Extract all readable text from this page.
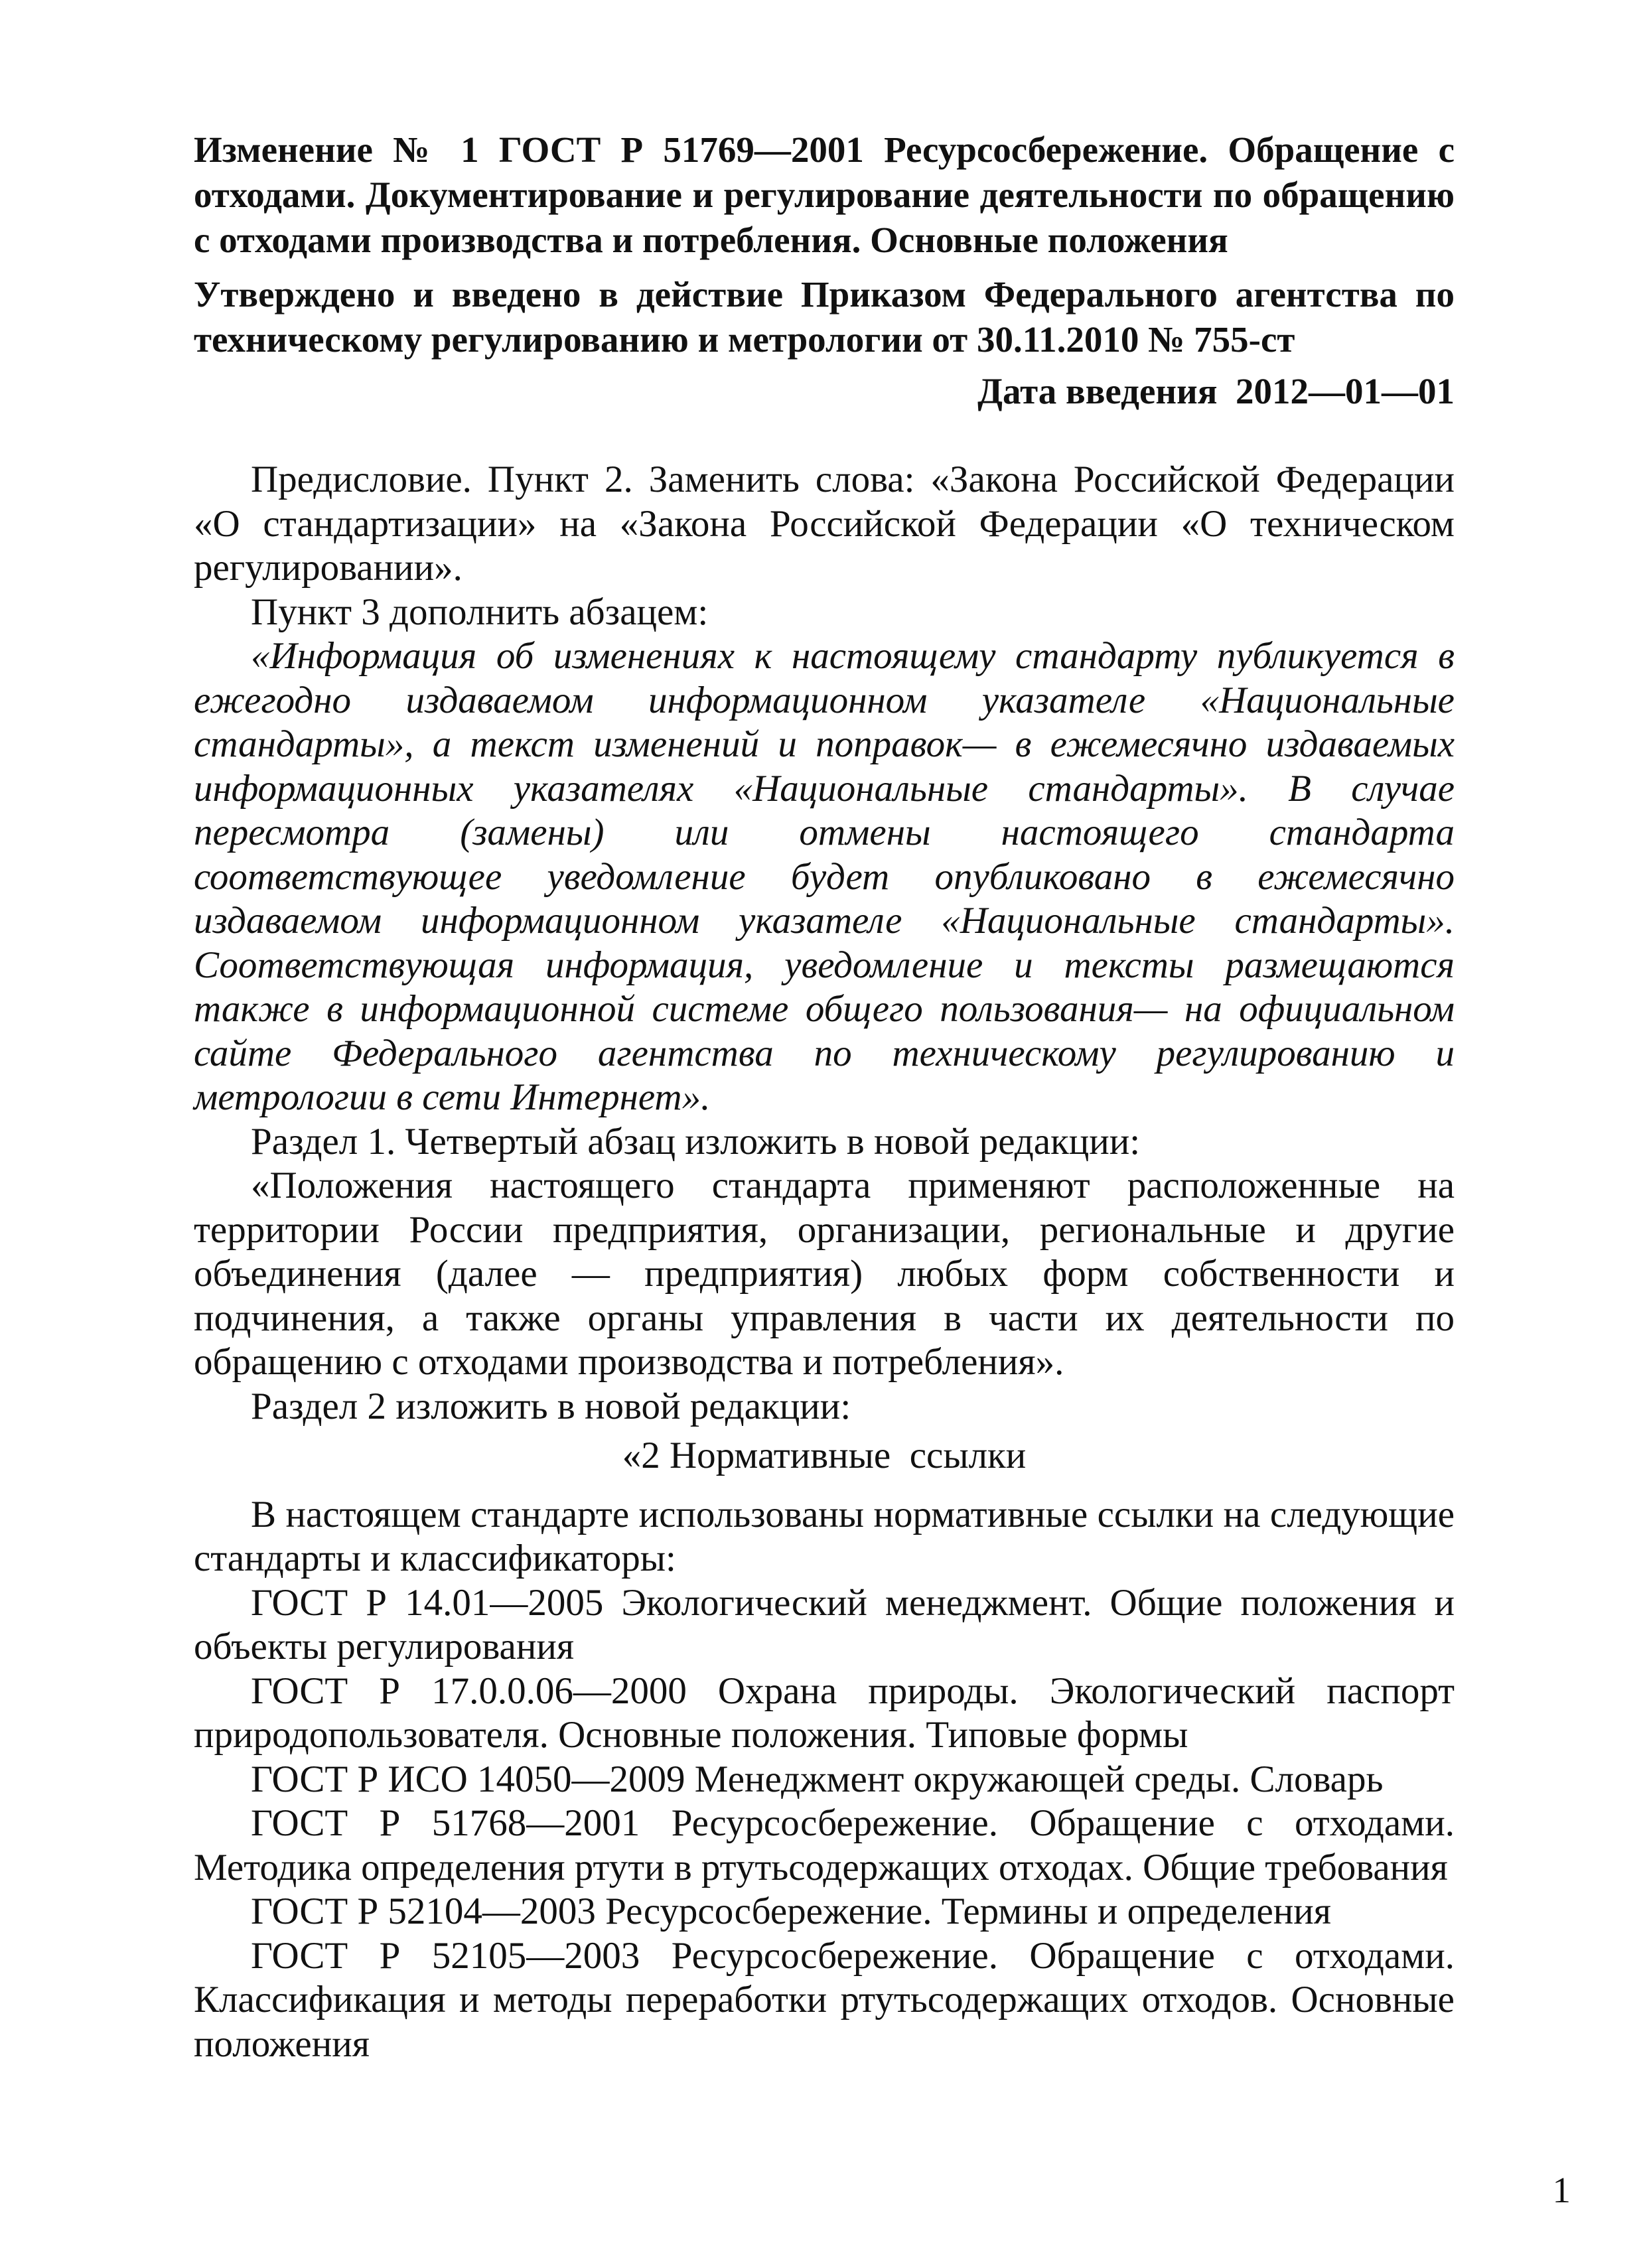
Изменение № 1 ГОСТ Р 51769—2001 Ресурсосбережение. Обращение с отходами. Документирование и регулирование деятельности по обращению с отходами производства и потребления. Основные положения
Утверждено и введено в действие Приказом Федерального агентства по техническому регулированию и метрологии от 30.11.2010 № 755-ст
Дата введения  2012—01—01

Предисловие. Пункт 2. Заменить слова: «Закона Российской Федерации «О стандартизации» на «Закона Российской Федерации «О техническом регулировании».

Пункт 3 дополнить абзацем:

«Информация об изменениях к настоящему стандарту публикуется в ежегодно издаваемом информационном указателе «Национальные стандарты», а текст изменений и поправок— в ежемесячно издаваемых информационных указателях «Национальные стандарты». В случае пересмотра (замены) или отмены настоящего стандарта соответствующее уведомление будет опубликовано в ежемесячно издаваемом информационном указателе «Национальные стандарты». Соответствующая информация, уведомление и тексты размещаются также в информационной системе общего пользования— на официальном сайте Федерального агентства по техническому регулированию и метрологии в сети Интернет».

Раздел 1. Четвертый абзац изложить в новой редакции:

«Положения настоящего стандарта применяют расположенные на территории России предприятия, организации, региональные и другие объединения (далее — предприятия) любых форм собственности и подчинения, а также органы управления в части их деятельности по обращению с отходами производства и потребления».

Раздел 2 изложить в новой редакции:

«2 Нормативные  ссылки

В настоящем стандарте использованы нормативные ссылки на следующие стандарты и классификаторы:

ГОСТ Р 14.01—2005 Экологический менеджмент. Общие положения и объекты регулирования

ГОСТ Р 17.0.0.06—2000 Охрана природы. Экологический паспорт природопользователя. Основные положения. Типовые формы

ГОСТ Р ИСО 14050—2009 Менеджмент окружающей среды. Словарь

ГОСТ Р 51768—2001 Ресурсосбережение. Обращение с отходами. Методика определения ртути в ртутьсодержащих отходах. Общие требования

ГОСТ Р 52104—2003 Ресурсосбережение. Термины и определения

ГОСТ Р 52105—2003 Ресурсосбережение. Обращение с отходами. Классификация и методы переработки ртутьсодержащих отходов. Основные положения

1
